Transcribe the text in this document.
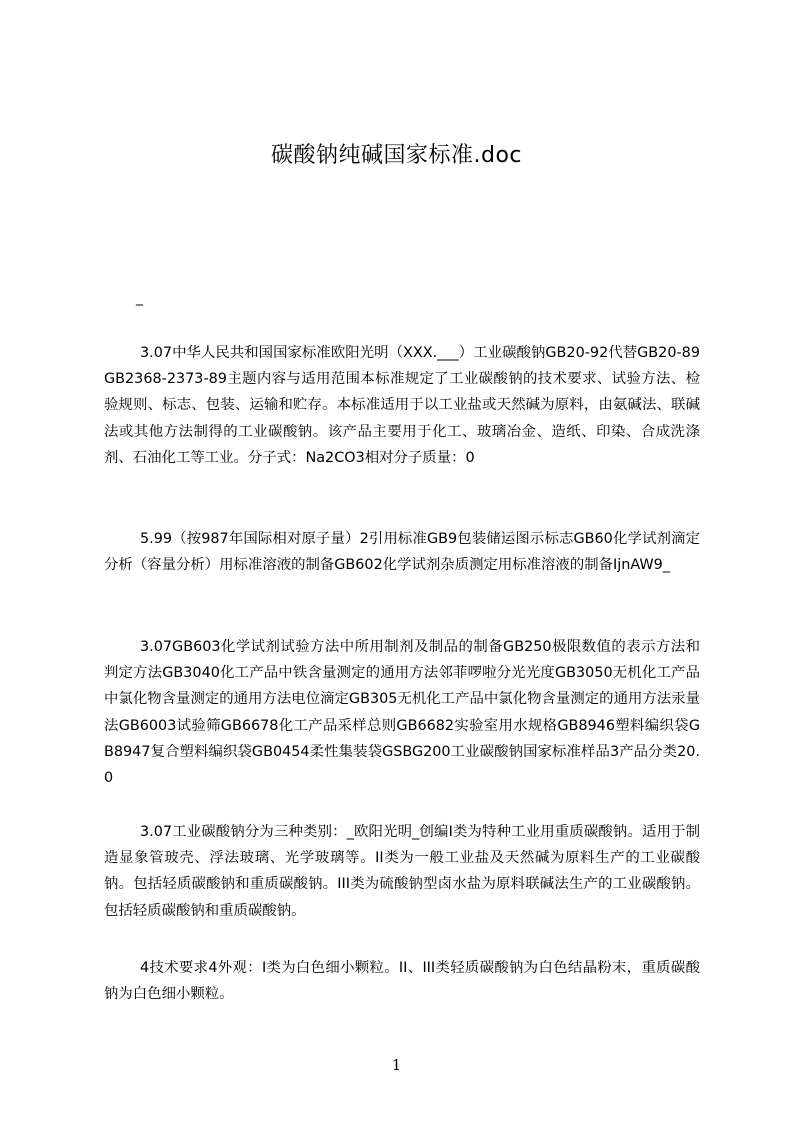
碳酸钠纯碱国家标准.doc
_

3.07中华人民共和国国家标准欧阳光明（XXX.___）工业碳酸钠GB20-92代替GB20-89GB2368-2373-89主题内容与适用范围本标准规定了工业碳酸钠的技术要求、试验方法、检验规则、标志、包装、运输和贮存。本标准适用于以工业盐或天然碱为原料，由氨碱法、联碱法或其他方法制得的工业碳酸钠。该产品主要用于化工、玻璃冶金、造纸、印染、合成洗涤剂、石油化工等工业。分子式：Na2CO3相对分子质量：0

5.99（按987年国际相对原子量）2引用标准GB9包装储运图示标志GB60化学试剂滴定分析（容量分析）用标准溶液的制备GB602化学试剂杂质测定用标准溶液的制备IjnAW9_

3.07GB603化学试剂试验方法中所用制剂及制品的制备GB250极限数值的表示方法和判定方法GB3040化工产品中铁含量测定的通用方法邻菲啰啦分光光度GB3050无机化工产品中氯化物含量测定的通用方法电位滴定GB305无机化工产品中氯化物含量测定的通用方法汞量法GB6003试验筛GB6678化工产品采样总则GB6682实验室用水规格GB8946塑料编织袋GB8947复合塑料编织袋GB0454柔性集装袋GSBG200工业碳酸钠国家标准样品3产品分类20.0

3.07工业碳酸钠分为三种类别：_欧阳光明_创编I类为特种工业用重质碳酸钠。适用于制造显象管玻壳、浮法玻璃、光学玻璃等。II类为一般工业盐及天然碱为原料生产的工业碳酸钠。包括轻质碳酸钠和重质碳酸钠。III类为硫酸钠型卤水盐为原料联碱法生产的工业碳酸钠。包括轻质碳酸钠和重质碳酸钠。

4技术要求4外观：I类为白色细小颗粒。II、III类轻质碳酸钠为白色结晶粉末，重质碳酸钠为白色细小颗粒。

1
